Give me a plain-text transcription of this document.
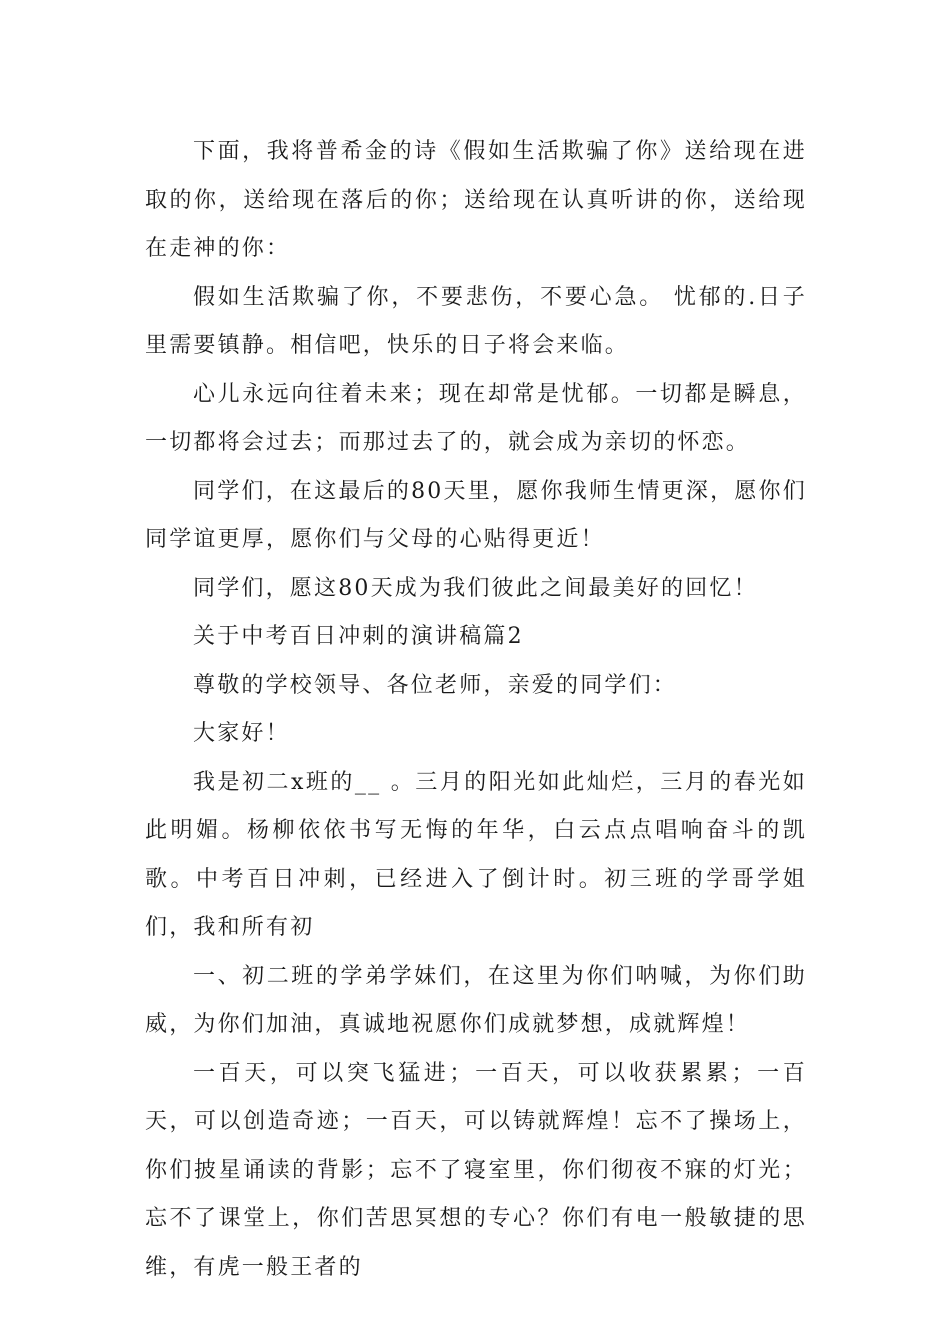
下面，我将普希金的诗《假如生活欺骗了你》送给现在进取的你，送给现在落后的你；送给现在认真听讲的你，送给现在走神的你：

假如生活欺骗了你，不要悲伤，不要心急。 忧郁的.日子里需要镇静。相信吧，快乐的日子将会来临。

心儿永远向往着未来；现在却常是忧郁。一切都是瞬息，一切都将会过去；而那过去了的，就会成为亲切的怀恋。

同学们，在这最后的80天里，愿你我师生情更深，愿你们同学谊更厚，愿你们与父母的心贴得更近！

同学们，愿这80天成为我们彼此之间最美好的回忆！

关于中考百日冲刺的演讲稿篇2

尊敬的学校领导、各位老师，亲爱的同学们：

大家好！

我是初二x班的__ 。三月的阳光如此灿烂，三月的春光如此明媚。杨柳依依书写无悔的年华，白云点点唱响奋斗的凯歌。中考百日冲刺，已经进入了倒计时。初三班的学哥学姐们，我和所有初

一、初二班的学弟学妹们，在这里为你们呐喊，为你们助威，为你们加油，真诚地祝愿你们成就梦想，成就辉煌！

一百天，可以突飞猛进；一百天，可以收获累累；一百天，可以创造奇迹；一百天，可以铸就辉煌！忘不了操场上，你们披星诵读的背影；忘不了寝室里，你们彻夜不寐的灯光；忘不了课堂上，你们苦思冥想的专心？你们有电一般敏捷的思维，有虎一般王者的
